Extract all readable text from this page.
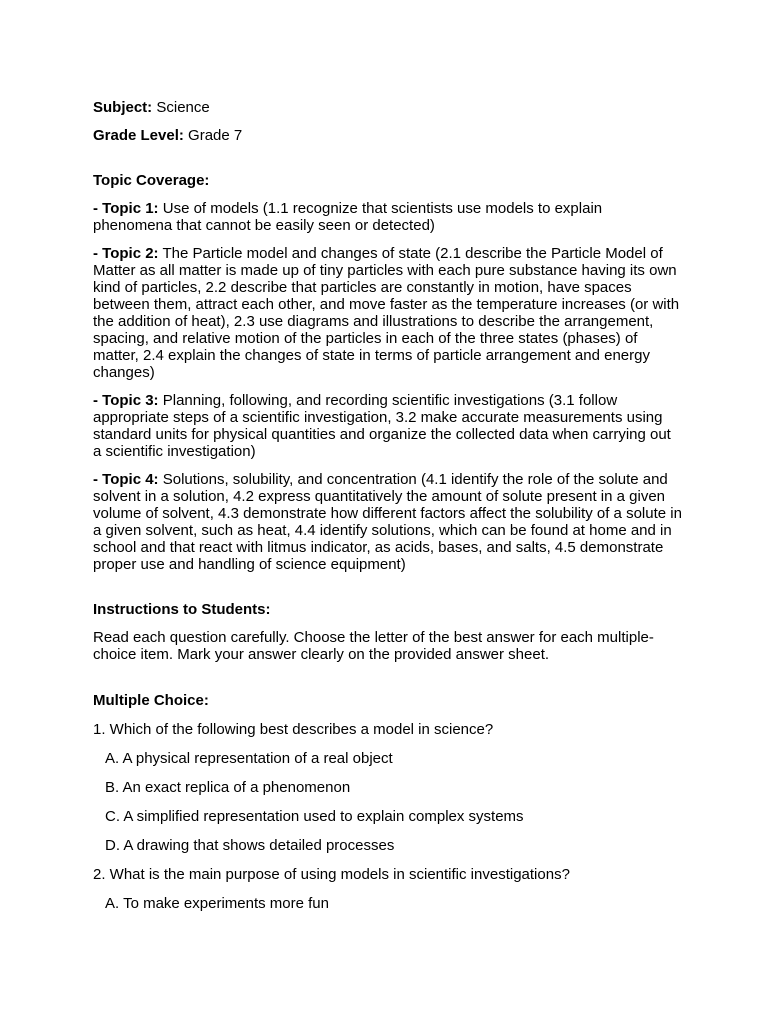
Subject: Science
Grade Level: Grade 7
Topic Coverage:
- Topic 1: Use of models (1.1 recognize that scientists use models to explain phenomena that cannot be easily seen or detected)
- Topic 2: The Particle model and changes of state (2.1 describe the Particle Model of Matter as all matter is made up of tiny particles with each pure substance having its own kind of particles, 2.2 describe that particles are constantly in motion, have spaces between them, attract each other, and move faster as the temperature increases (or with the addition of heat), 2.3 use diagrams and illustrations to describe the arrangement, spacing, and relative motion of the particles in each of the three states (phases) of matter, 2.4 explain the changes of state in terms of particle arrangement and energy changes)
- Topic 3: Planning, following, and recording scientific investigations (3.1 follow appropriate steps of a scientific investigation, 3.2 make accurate measurements using standard units for physical quantities and organize the collected data when carrying out a scientific investigation)
- Topic 4: Solutions, solubility, and concentration (4.1 identify the role of the solute and solvent in a solution, 4.2 express quantitatively the amount of solute present in a given volume of solvent, 4.3 demonstrate how different factors affect the solubility of a solute in a given solvent, such as heat, 4.4 identify solutions, which can be found at home and in school and that react with litmus indicator, as acids, bases, and salts, 4.5 demonstrate proper use and handling of science equipment)
Instructions to Students:
Read each question carefully. Choose the letter of the best answer for each multiple-choice item. Mark your answer clearly on the provided answer sheet.
Multiple Choice:
1. Which of the following best describes a model in science?
A. A physical representation of a real object
B. An exact replica of a phenomenon
C. A simplified representation used to explain complex systems
D. A drawing that shows detailed processes
2. What is the main purpose of using models in scientific investigations?
A. To make experiments more fun
